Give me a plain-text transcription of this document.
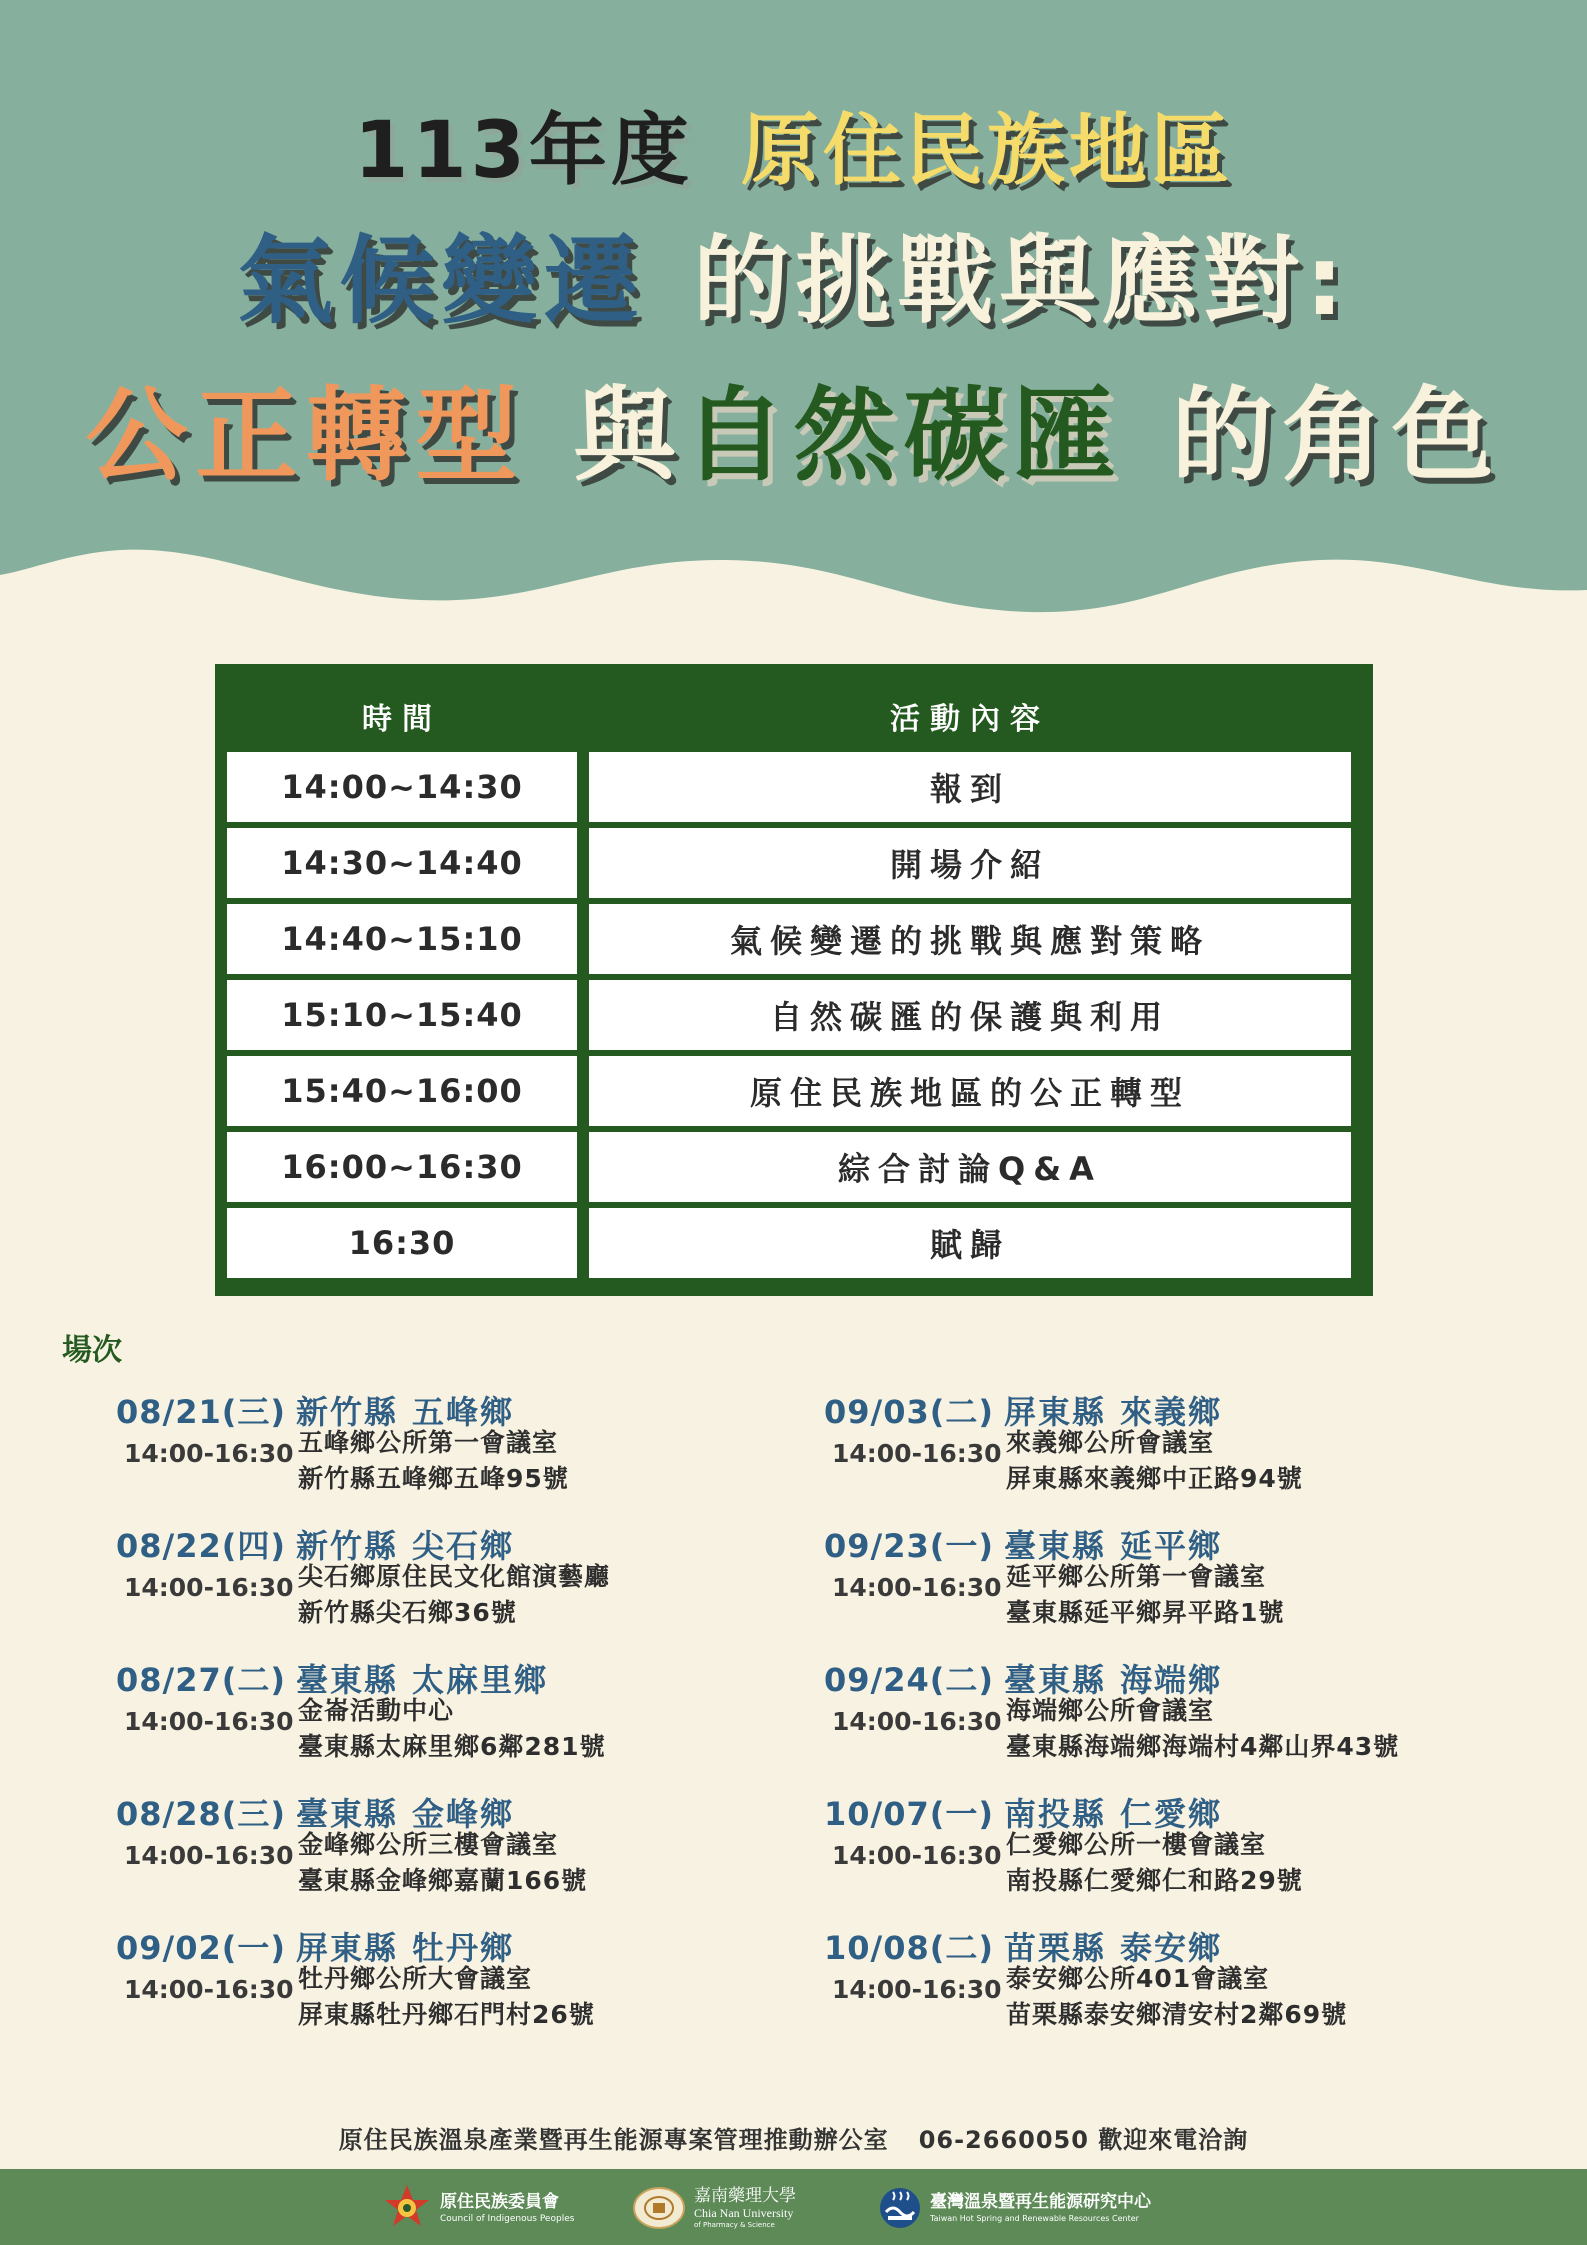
113年度 原住民族地區
氣候變遷 的挑戰與應對:
公正轉型 與自然碳匯 的角色
時間	活動內容
14:00~14:30	報到
14:30~14:40	開場介紹
14:40~15:10	氣候變遷的挑戰與應對策略
15:10~15:40	自然碳匯的保護與利用
15:40~16:00	原住民族地區的公正轉型
16:00~16:30	綜合討論Q&A
16:30	賦歸
場次
08/21(三) 新竹縣 五峰鄉
14:00-16:30 五峰鄉公所第一會議室
新竹縣五峰鄉五峰95號
08/22(四) 新竹縣 尖石鄉
14:00-16:30 尖石鄉原住民文化館演藝廳
新竹縣尖石鄉36號
08/27(二) 臺東縣 太麻里鄉
14:00-16:30 金崙活動中心
臺東縣太麻里鄉6鄰281號
08/28(三) 臺東縣 金峰鄉
14:00-16:30 金峰鄉公所三樓會議室
臺東縣金峰鄉嘉蘭166號
09/02(一) 屏東縣 牡丹鄉
14:00-16:30 牡丹鄉公所大會議室
屏東縣牡丹鄉石門村26號
09/03(二) 屏東縣 來義鄉
14:00-16:30 來義鄉公所會議室
屏東縣來義鄉中正路94號
09/23(一) 臺東縣 延平鄉
14:00-16:30 延平鄉公所第一會議室
臺東縣延平鄉昇平路1號
09/24(二) 臺東縣 海端鄉
14:00-16:30 海端鄉公所會議室
臺東縣海端鄉海端村4鄰山界43號
10/07(一) 南投縣 仁愛鄉
14:00-16:30 仁愛鄉公所一樓會議室
南投縣仁愛鄉仁和路29號
10/08(二) 苗栗縣 泰安鄉
14:00-16:30 泰安鄉公所401會議室
苗栗縣泰安鄉清安村2鄰69號
原住民族溫泉產業暨再生能源專案管理推動辦公室 06-2660050 歡迎來電洽詢
原住民族委員會
Council of Indigenous Peoples
嘉南藥理大學
Chia Nan University
of Pharmacy & Science
臺灣溫泉暨再生能源研究中心
Taiwan Hot Spring and Renewable Resources Center
